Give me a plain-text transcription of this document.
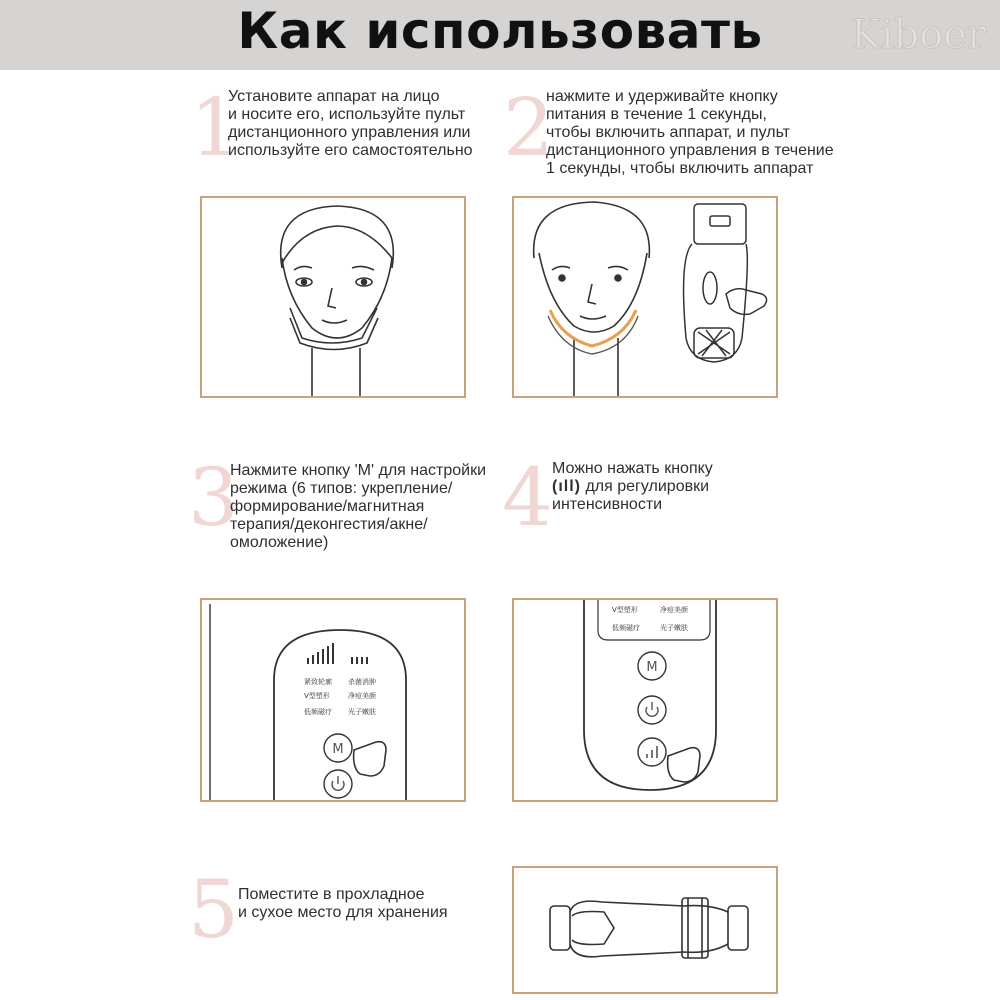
Как использовать	Kiboer
1
Установите аппарат на лицо
и носите его, используйте пульт
дистанционного управления или
используйте его самостоятельно 2
нажмите и удерживайте кнопку
питания в течение 1 секунды,
чтобы включить аппарат, и пульт
дистанционного управления в течение
1 секунды, чтобы включить аппарат
3
Нажмите кнопку 'M' для настройки
режима (6 типов: укрепление/
формирование/магнитная
терапия/деконгестия/акне/
омоложение)	4 Можно нажать кнопку
(ıll) для регулировки
интенсивности
紧致轮廓 杀菌消肿
V型塑形	净痘美颜
低频磁疗 光子嫩肤
M
V型塑形	净痘美颜
低频磁疗	光子嫩肤
M
5 Поместите в прохладное
и сухое место для хранения
